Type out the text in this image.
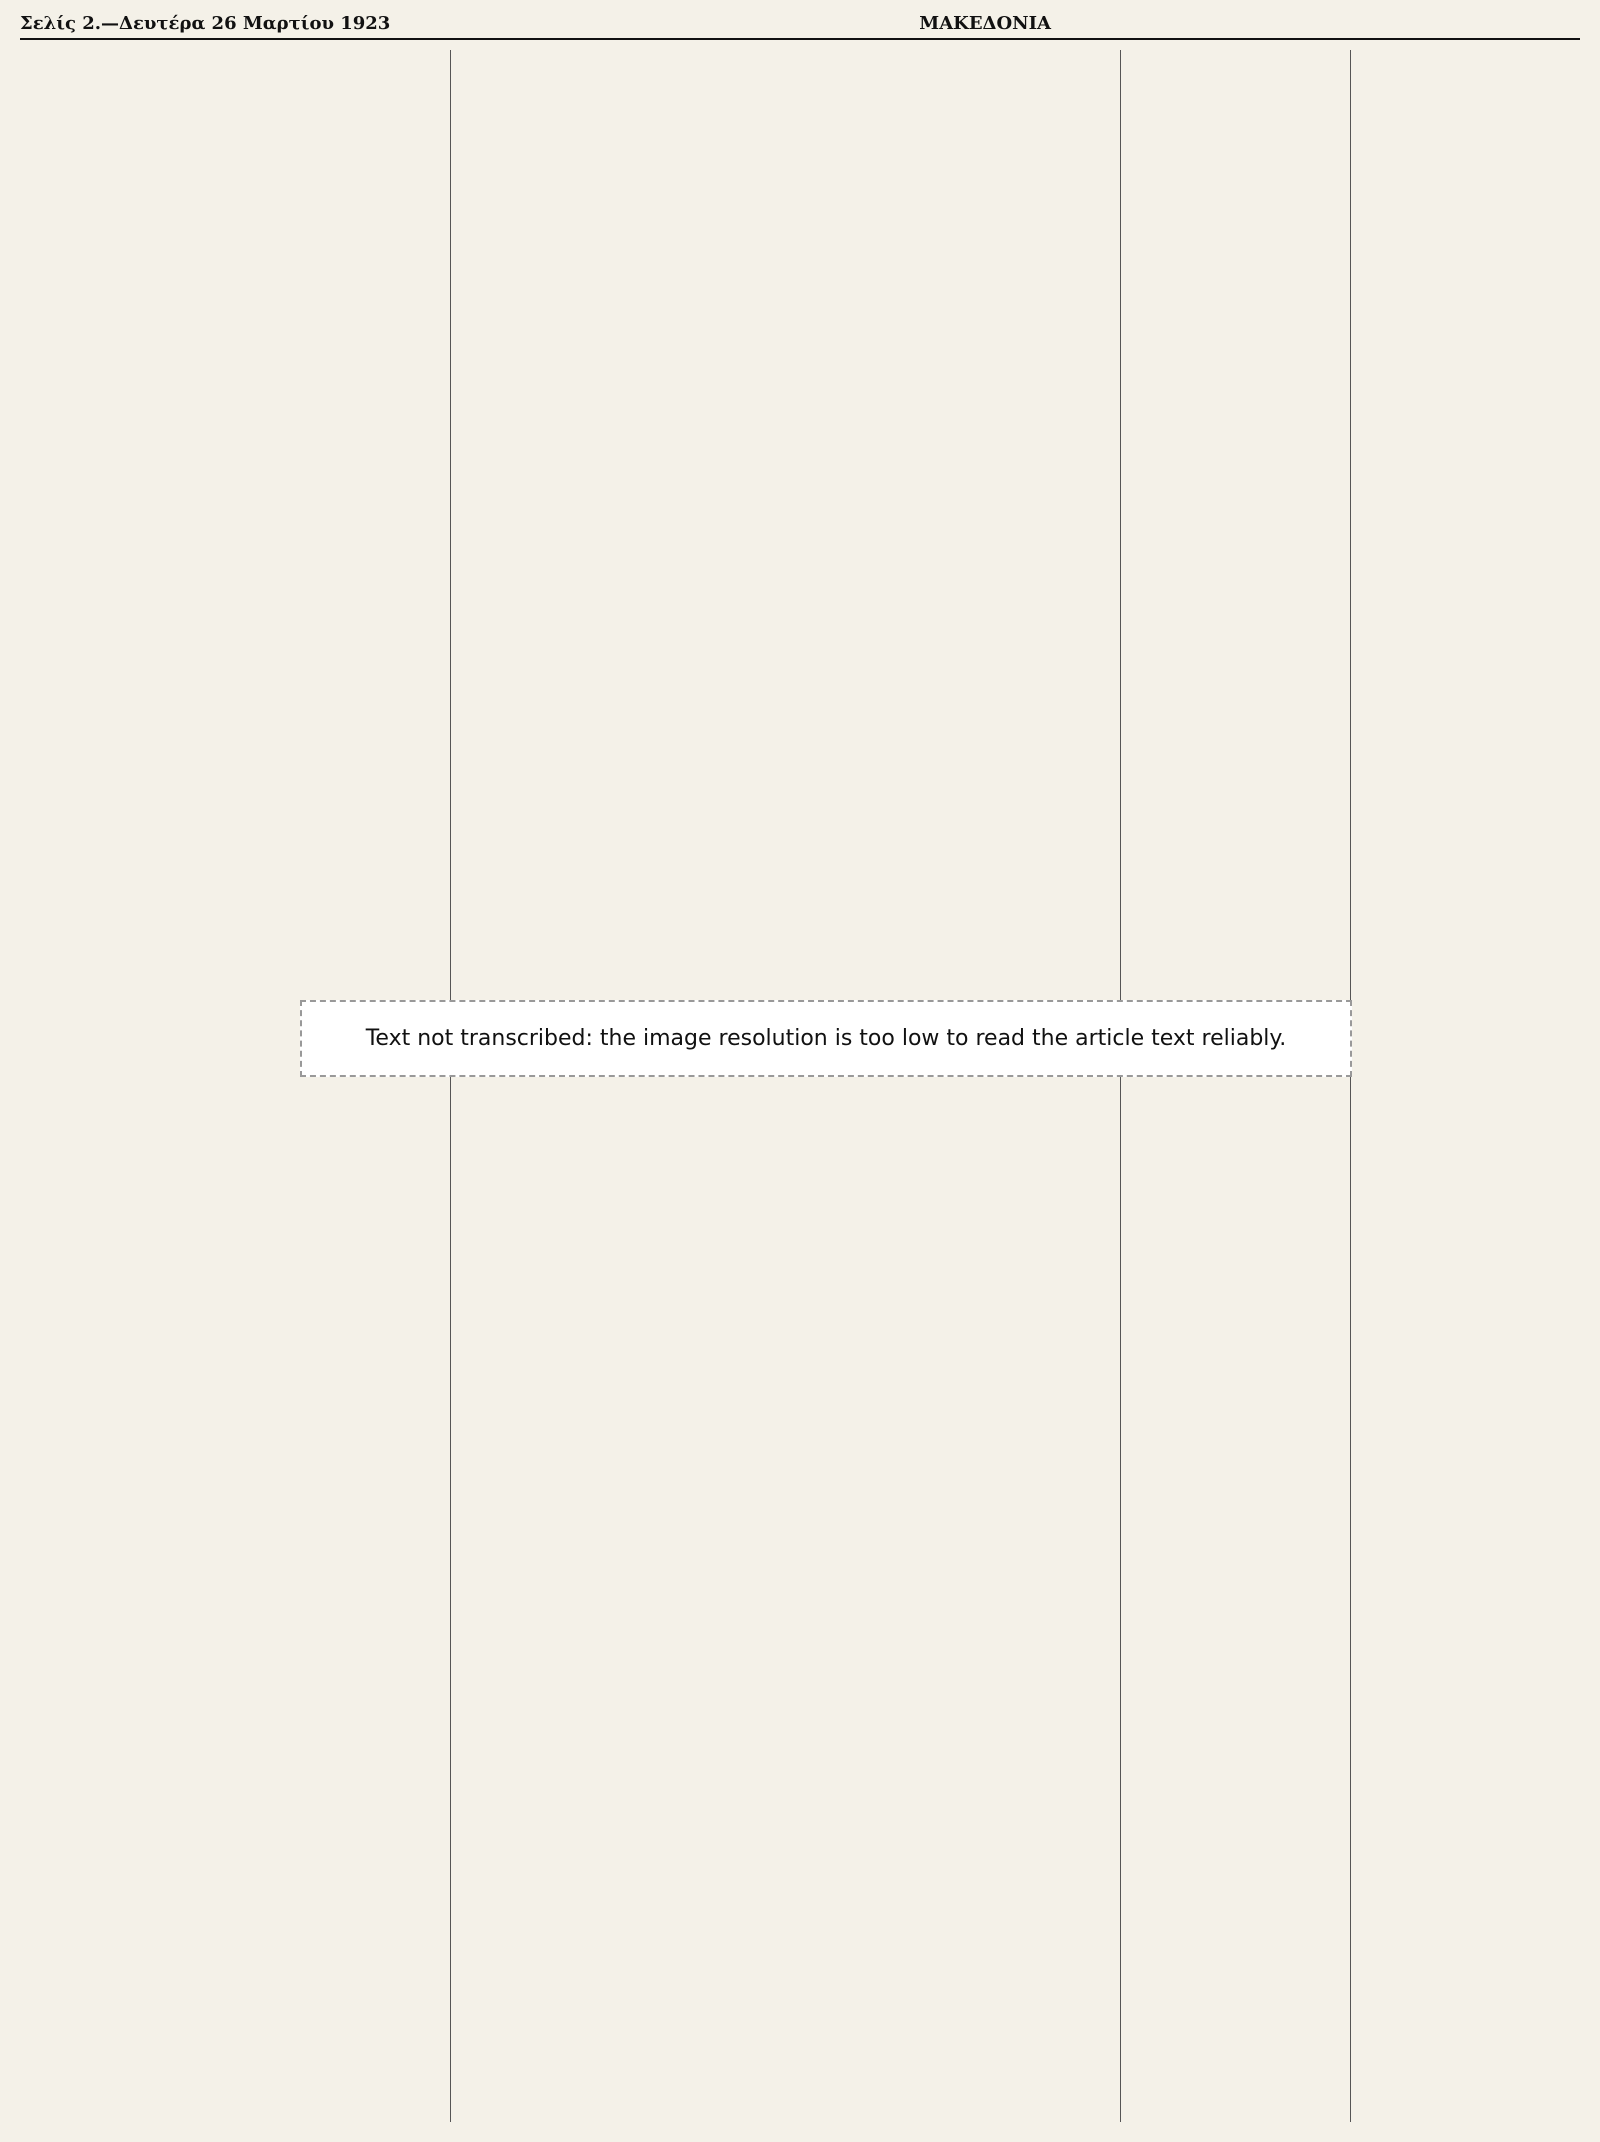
Σελίς 2.—Δευτέρα 26 Μαρτίου 1923	ΜΑΚΕΔΟΝΙΑ
Text not transcribed: the image resolution is too low to read the article text reliably.
